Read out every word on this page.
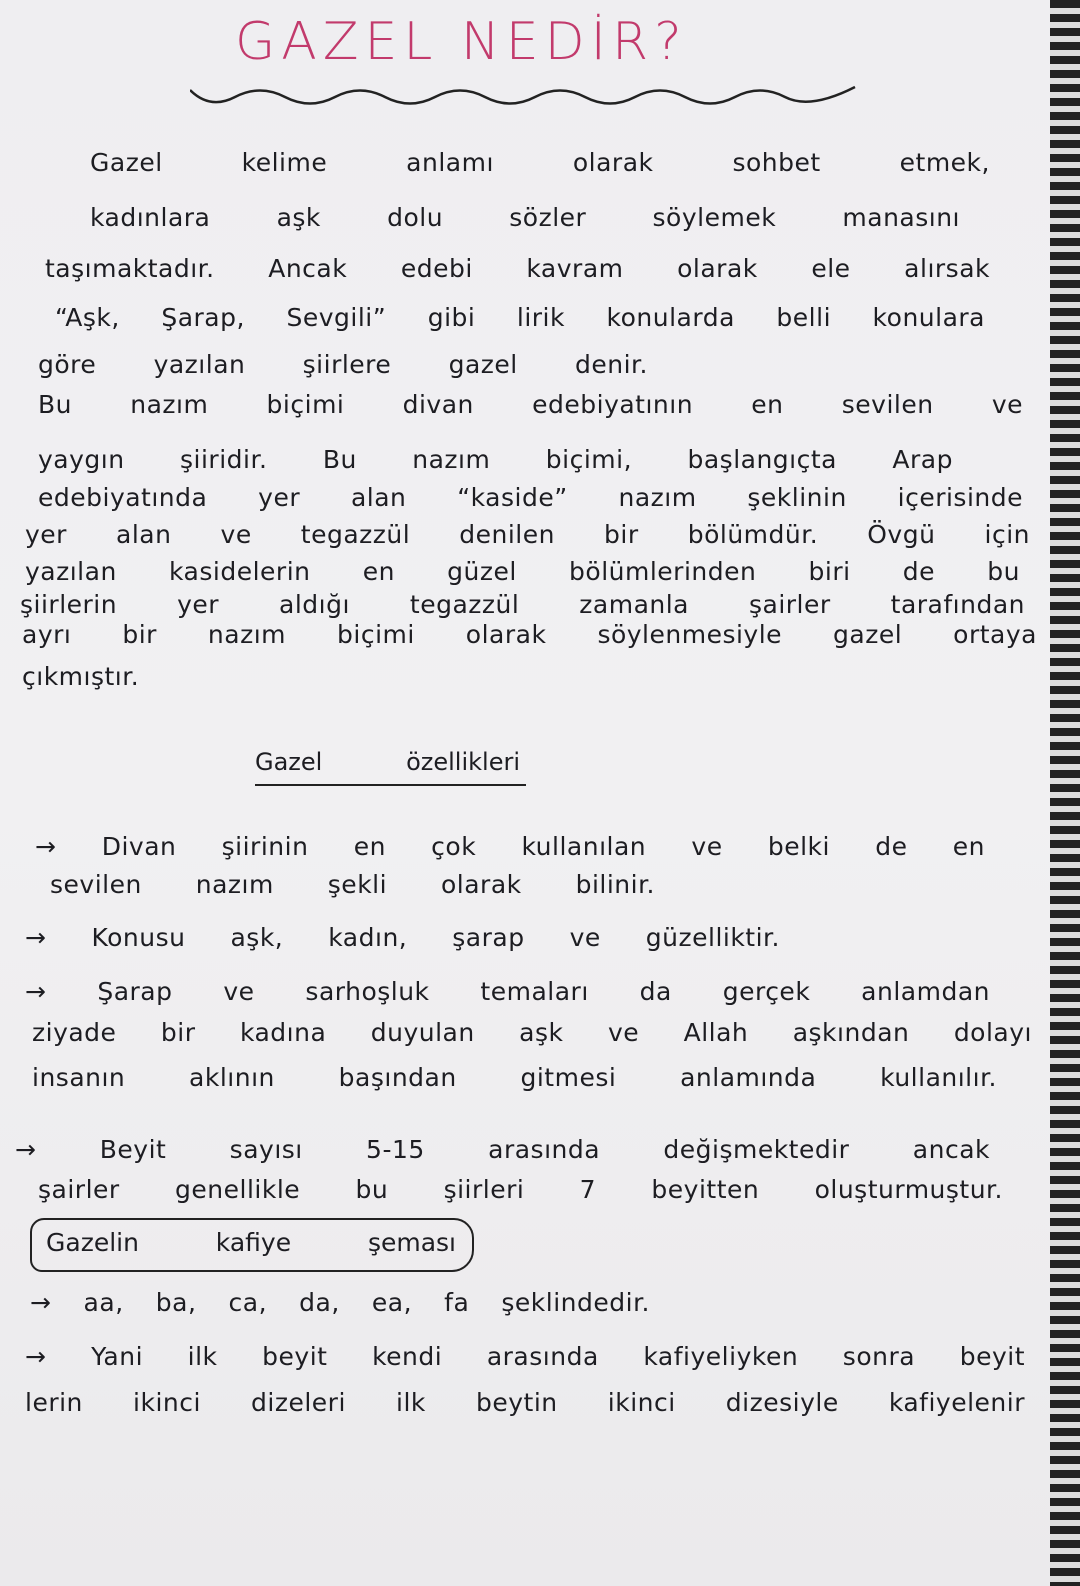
GAZEL NEDİR?
Gazel kelime anlamı olarak sohbet etmek,
kadınlara aşk dolu sözler söylemek manasını
taşımaktadır. Ancak edebi kavram olarak ele alırsak
“Aşk, Şarap, Sevgili” gibi lirik konularda belli konulara
göre yazılan şiirlere gazel denir.
Bu nazım biçimi divan edebiyatının en sevilen ve
yaygın şiiridir. Bu nazım biçimi, başlangıçta Arap
edebiyatında yer alan “kaside” nazım şeklinin içerisinde
yer alan ve tegazzül denilen bir bölümdür. Övgü için
yazılan kasidelerin en güzel bölümlerinden biri de bu
şiirlerin yer aldığı tegazzül zamanla şairler tarafından
ayrı bir nazım biçimi olarak söylenmesiyle gazel ortaya
çıkmıştır.
Gazel özellikleri
→ Divan şiirinin en çok kullanılan ve belki de en
sevilen nazım şekli olarak bilinir.
→ Konusu aşk, kadın, şarap ve güzelliktir.
→ Şarap ve sarhoşluk temaları da gerçek anlamdan
ziyade bir kadına duyulan aşk ve Allah aşkından dolayı
insanın aklının başından gitmesi anlamında kullanılır.
→ Beyit sayısı 5-15 arasında değişmektedir ancak
şairler genellikle bu şiirleri 7 beyitten oluşturmuştur.
Gazelin kafiye şeması
→ aa, ba, ca, da, ea, fa şeklindedir.
→ Yani ilk beyit kendi arasında kafiyeliyken sonra beyit
lerin ikinci dizeleri ilk beytin ikinci dizesiyle kafiyelenir
